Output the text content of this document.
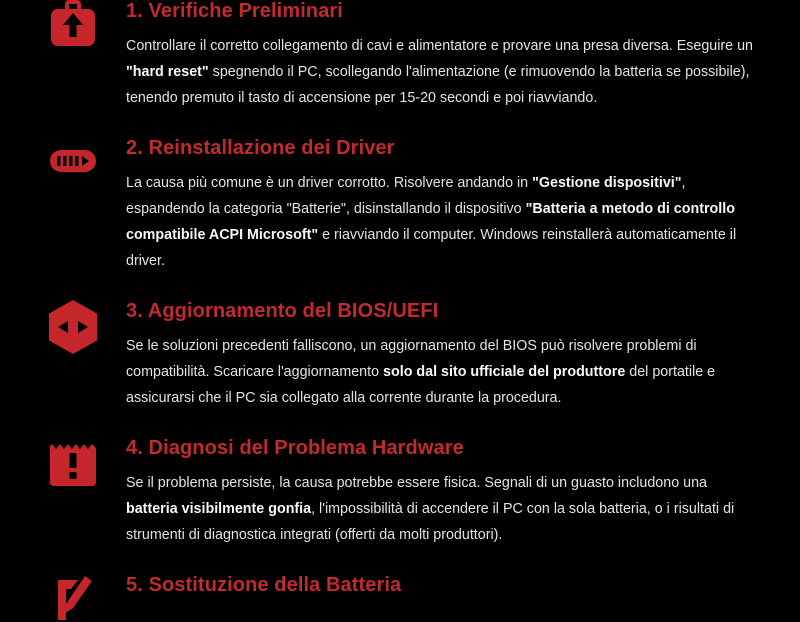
1. Verifiche Preliminari
Controllare il corretto collegamento di cavi e alimentatore e provare una presa diversa. Eseguire un
"hard reset" spegnendo il PC, scollegando l'alimentazione (e rimuovendo la batteria se possibile),
tenendo premuto il tasto di accensione per 15-20 secondi e poi riavviando.
2. Reinstallazione dei Driver
La causa più comune è un driver corrotto. Risolvere andando in "Gestione dispositivi",
espandendo la categoria "Batterie", disinstallando il dispositivo "Batteria a metodo di controllo
compatibile ACPI Microsoft" e riavviando il computer. Windows reinstallerà automaticamente il
driver.
3. Aggiornamento del BIOS/UEFI
Se le soluzioni precedenti falliscono, un aggiornamento del BIOS può risolvere problemi di
compatibilità. Scaricare l'aggiornamento solo dal sito ufficiale del produttore del portatile e
assicurarsi che il PC sia collegato alla corrente durante la procedura.
4. Diagnosi del Problema Hardware
Se il problema persiste, la causa potrebbe essere fisica. Segnali di un guasto includono una
batteria visibilmente gonfia, l'impossibilità di accendere il PC con la sola batteria, o i risultati di
strumenti di diagnostica integrati (offerti da molti produttori).
5. Sostituzione della Batteria
